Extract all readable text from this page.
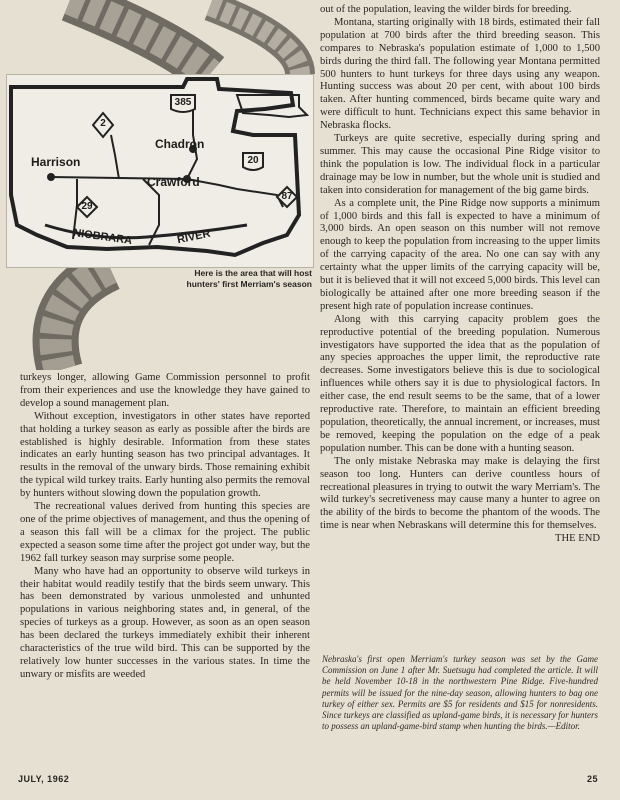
2
385
20
29
87
Harrison
Chadron
Crawford
NIOBRARA	RIVER
Here is the area that will host hunters' first Merriam's season

turkeys longer, allowing Game Commission personnel to profit from their experiences and use the knowledge they have gained to develop a sound management plan.

Without exception, investigators in other states have reported that holding a turkey season as early as possible after the birds are established is highly desirable. Information from these states indicates an early hunting season has two principal advantages. It results in the removal of the unwary birds. Those remaining exhibit the typical wild turkey traits. Early hunting also permits the removal by hunters without slowing down the population growth.

The recreational values derived from hunting this species are one of the prime objectives of management, and thus the opening of a season this fall will be a climax for the project. The public expected a season some time after the project got under way, but the 1962 fall turkey season may surprise some people.

Many who have had an opportunity to observe wild turkeys in their habitat would readily testify that the birds seem unwary. This has been demonstrated by various unmolested and unhunted populations in various neighboring states and, in general, of the species of turkeys as a group. However, as soon as an open season has been declared the turkeys immediately exhibit their inherent characteristics of the true wild bird. This can be supported by the relatively low hunter successes in the various states. In time the unwary or misfits are weeded

out of the population, leaving the wilder birds for breeding.

Montana, starting originally with 18 birds, estimated their fall population at 700 birds after the third breeding season. This compares to Nebraska's population estimate of 1,000 to 1,500 birds during the third fall. The following year Montana permitted 500 hunters to hunt turkeys for three days using any weapon. Hunting success was about 20 per cent, with about 100 birds taken. After hunting commenced, birds became quite wary and were difficult to hunt. Technicians expect this same behavior in Nebraska flocks.

Turkeys are quite secretive, especially during spring and summer. This may cause the occasional Pine Ridge visitor to think the population is low. The individual flock in a particular drainage may be low in number, but the whole unit is studied and taken into consideration for management of the big game birds.

As a complete unit, the Pine Ridge now supports a minimum of 1,000 birds and this fall is expected to have a minimum of 3,000 birds. An open season on this number will not remove enough to keep the population from increasing to the upper limits of the carrying capacity of the area. No one can say with any certainty what the upper limits of the carrying capacity will be, but it is believed that it will not exceed 5,000 birds. This level can biologically be attained after one more breeding season if the present high rate of population increase continues.

Along with this carrying capacity problem goes the reproductive potential of the breeding population. Numerous investigators have supported the idea that as the population of any species approaches the upper limit, the reproductive rate decreases. Some investigators believe this is due to sociological influences while others say it is due to physiological factors. In either case, the end result seems to be the same, that of a lower reproductive rate. Therefore, to maintain an efficient breeding population, theoretically, the annual increment, or increases, must be removed, keeping the population on the edge of a peak population number. This can be done with a hunting season.

The only mistake Nebraska may make is delaying the first season too long. Hunters can derive countless hours of recreational pleasures in trying to outwit the wary Merriam's. The wild turkey's secretiveness may cause many a hunter to agree on the ability of the birds to become the phantom of the woods. The time is near when Nebraskans will determine this for themselves.
THE END

Nebraska's first open Merriam's turkey season was set by the Game Commission on June 1 after Mr. Suetsugu had completed the article. It will be held November 10-18 in the northwestern Pine Ridge. Five-hundred permits will be issued for the nine-day season, allowing hunters to bag one turkey of either sex. Permits are $5 for residents and $15 for nonresidents. Since turkeys are classified as upland-game birds, it is necessary for hunters to possess an upland-game-bird stamp when hunting the birds.—Editor.
JULY, 1962	25
